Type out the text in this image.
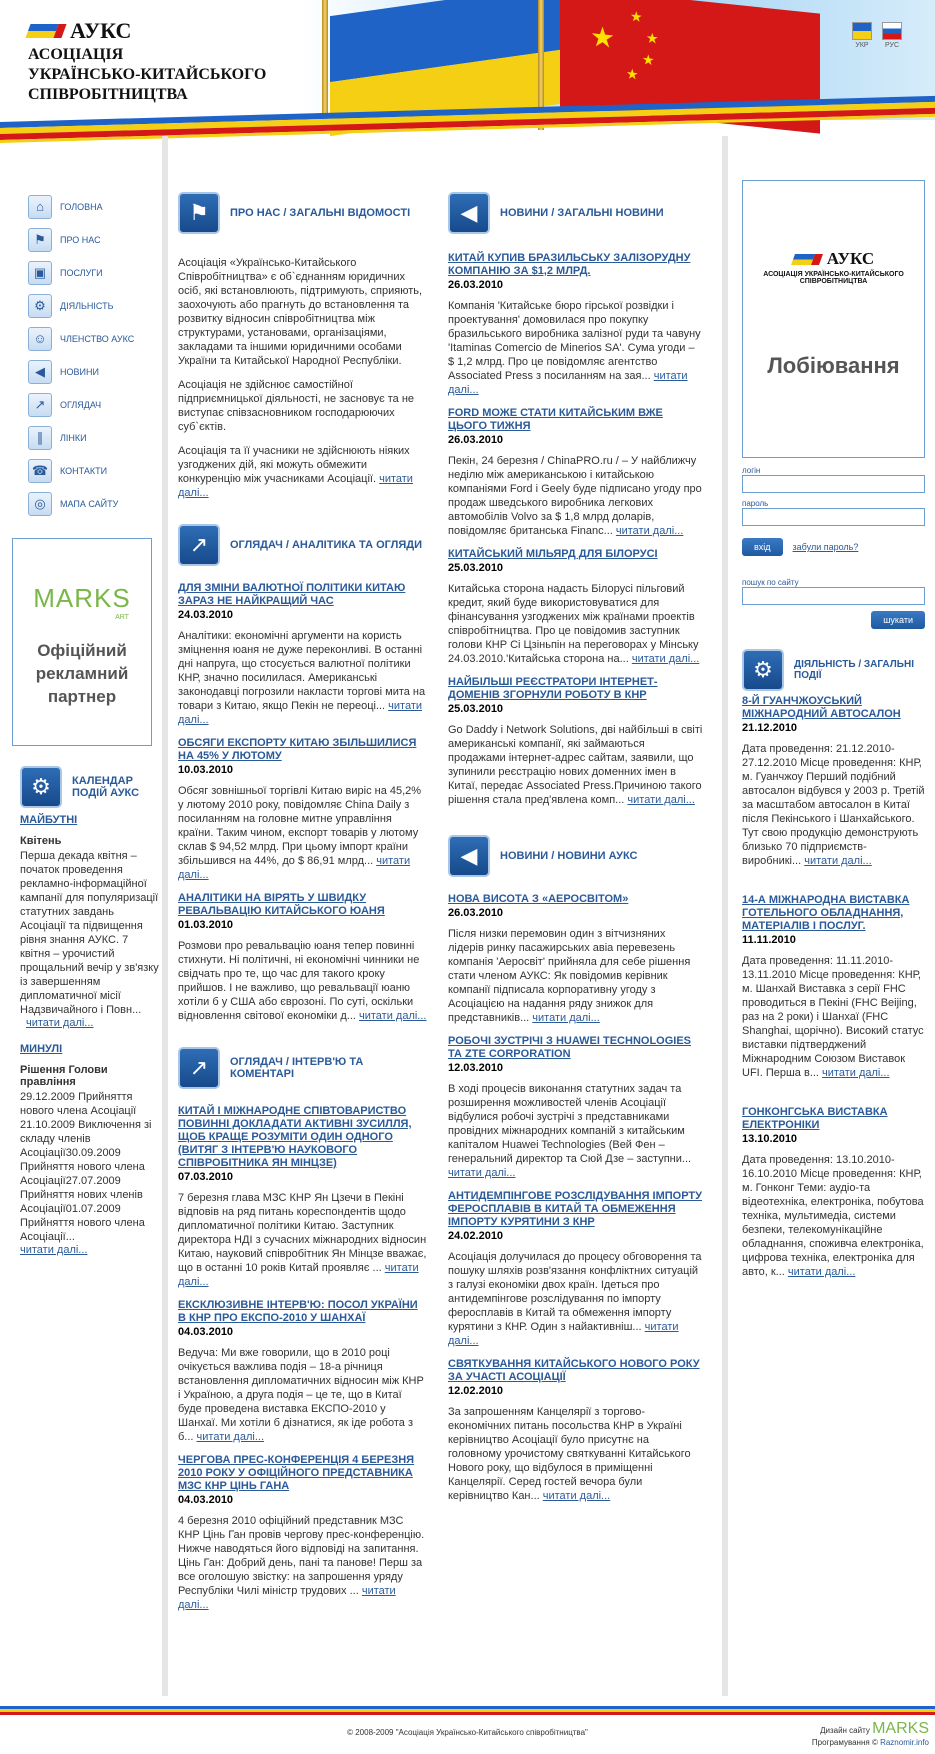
★
★
★
★
★
АУКС
АСОЦІАЦІЯ
УКРАЇНСЬКО-КИТАЙСЬКОГО
СПІВРОБІТНИЦТВА
УКР РУС
⌂	ГОЛОВНА
⚑	ПРО НАС
▣	ПОСЛУГИ
⚙	ДІЯЛЬНІСТЬ
☺	ЧЛЕНСТВО АУКС
◀	НОВИНИ
↗	ОГЛЯДАЧ
∥	ЛІНКИ
☎	КОНТАКТИ
◎	МАПА САЙТУ
MARKS
ART
Офіційний рекламний партнер
⚙	КАЛЕНДАР ПОДІЙ АУКС
МАЙБУТНІ
Квітень
Перша декада квітня – початок проведення рекламно-інформаційної кампанії для популяризації статутних завдань Асоціації та підвищення рівня знання АУКС. 7 квітня – урочистий прощальний вечір у зв'язку із завершенням дипломатичної місії Надзвичайного і Повн...
читати далі...
МИНУЛІ
Рішення Голови правління
29.12.2009 Прийняття нового члена Асоціації 21.10.2009 Виключення зі складу членів Асоціації30.09.2009 Прийняття нового члена Асоціації27.07.2009 Прийняття нових членів Асоціації01.07.2009 Прийняття нового члена Асоціації...
читати далі...
⚑	ПРО НАС / ЗАГАЛЬНІ ВІДОМОСТІ
Асоціація «Українсько-Китайського Співробітництва» є об`єднанням юридичних осіб, які встановлюють, підтримують, сприяють, заохочують або прагнуть до встановлення та розвитку відносин співробітництва між структурами, установами, організаціями, закладами та іншими юридичними особами України та Китайської Народної Республіки.
Асоціація не здійснює самостійної підприємницької діяльності, не засновує та не виступає співзасновником господарюючих суб`єктів.
Асоціація та її учасники не здійснюють ніяких узгоджених дій, які можуть обмежити конкуренцію між учасниками Асоціації. читати далі...
↗	ОГЛЯДАЧ / АНАЛІТИКА ТА ОГЛЯДИ
ДЛЯ ЗМІНИ ВАЛЮТНОЇ ПОЛІТИКИ КИТАЮ ЗАРАЗ НЕ НАЙКРАЩИЙ ЧАС
24.03.2010
Аналітики: економічні аргументи на користь зміцнення юаня не дуже переконливі. В останні дні напруга, що стосується валютної політики КНР, значно посилилася. Американські законодавці погрозили накласти торгові мита на товари з Китаю, якщо Пекін не переоці... читати далі...
ОБСЯГИ ЕКСПОРТУ КИТАЮ ЗБІЛЬШИЛИСЯ НА 45% У ЛЮТОМУ
10.03.2010
Обсяг зовнішньої торгівлі Китаю виріс на 45,2% у лютому 2010 року, повідомляє China Daily з посиланням на головне митне управління країни. Таким чином, експорт товарів у лютому склав $ 94,52 млрд. При цьому імпорт країни збільшився на 44%, до $ 86,91 млрд... читати далі...
АНАЛІТИКИ НА ВІРЯТЬ У ШВИДКУ РЕВАЛЬВАЦІЮ КИТАЙСЬКОГО ЮАНЯ
01.03.2010
Розмови про ревальвацію юаня тепер повинні стихнути. Ні політичні, ні економічні чинники не свідчать про те, що час для такого кроку прийшов. І не важливо, що ревальвації юаню хотіли б у США або єврозоні. По суті, оскільки відновлення світової економіки д... читати далі...
↗	ОГЛЯДАЧ / ІНТЕРВ'Ю ТА КОМЕНТАРІ
КИТАЙ І МІЖНАРОДНЕ СПІВТОВАРИСТВО ПОВИННІ ДОКЛАДАТИ АКТИВНІ ЗУСИЛЛЯ, ЩОБ КРАЩЕ РОЗУМІТИ ОДИН ОДНОГО (ВИТЯГ З ІНТЕРВ'Ю НАУКОВОГО СПІВРОБІТНИКА ЯН МІНЦЗЕ)
07.03.2010
7 березня глава МЗС КНР Ян Цзечи в Пекіні відповів на ряд питань кореспондентів щодо дипломатичної політики Китаю. Заступник директора НДІ з сучасних міжнародних відносин Китаю, науковий співробітник Ян Мінцзе вважає, що в останні 10 років Китай проявляє ... читати далі...
ЕКСКЛЮЗИВНЕ ІНТЕРВ'Ю: ПОСОЛ УКРАЇНИ В КНР ПРО ЕКСПО-2010 У ШАНХАЇ
04.03.2010
Ведуча: Ми вже говорили, що в 2010 році очікується важлива подія – 18-а річниця встановлення дипломатичних відносин між КНР і Україною, а друга подія – це те, що в Китаї буде проведена виставка ЕКСПО-2010 у Шанхаї. Ми хотіли б дізнатися, як іде робота з б... читати далі...
ЧЕРГОВА ПРЕС-КОНФЕРЕНЦІЯ 4 БЕРЕЗНЯ 2010 РОКУ У ОФІЦІЙНОГО ПРЕДСТАВНИКА МЗС КНР ЦІНЬ ГАНА
04.03.2010
4 березня 2010 офіційний представник МЗС КНР Цінь Ган провів чергову прес-конференцію. Нижче наводяться його відповіді на запитання. Цінь Ган: Добрий день, пані та панове! Перш за все оголошую звістку: на запрошення уряду Республіки Чилі міністр трудових ... читати далі...
◀	НОВИНИ / ЗАГАЛЬНІ НОВИНИ
КИТАЙ КУПИВ БРАЗИЛЬСЬКУ ЗАЛІЗОРУДНУ КОМПАНІЮ ЗА $1,2 МЛРД.
26.03.2010
Компанія 'Китайське бюро гірської розвідки і проектування' домовилася про покупку бразильського виробника залізної руди та чавуну 'Itaminas Comercio de Minerios SA'. Сума угоди – $ 1,2 млрд. Про це повідомляє агентство Associated Press з посиланням на зая... читати далі...
FORD МОЖЕ СТАТИ КИТАЙСЬКИМ ВЖЕ ЦЬОГО ТИЖНЯ
26.03.2010
Пекін, 24 березня / ChinaPRO.ru / – У найближчу неділю між американською і китайською компаніями Ford і Geely буде підписано угоду про продаж шведського виробника легкових автомобілів Volvo за $ 1,8 млрд доларів, повідомляє британська Financ... читати далі...
КИТАЙСЬКИЙ МІЛЬЯРД ДЛЯ БІЛОРУСІ
25.03.2010
Китайська сторона надасть Білорусі пільговий кредит, який буде використовуватися для фінансування узгоджених між країнами проектів співробітництва. Про це повідомив заступник голови КНР Сі Цзіньпін на переговорах у Мінську 24.03.2010.'Китайська сторона на... читати далі...
НАЙБІЛЬШІ РЕЄСТРАТОРИ ІНТЕРНЕТ-ДОМЕНІВ ЗГОРНУЛИ РОБОТУ В КНР
25.03.2010
Go Daddy і Network Solutions, дві найбільші в світі американські компанії, які займаються продажами інтернет-адрес сайтам, заявили, що зупинили реєстрацію нових доменних імен в Китаї, передає Associated Press.Причиною такого рішення стала пред'явлена комп... читати далі...
◀	НОВИНИ / НОВИНИ АУКС
НОВА ВИСОТА З «АЕРОСВІТОМ»
26.03.2010
Після низки перемовин один з вітчизняних лідерів ринку пасажирських авіа перевезень компанія 'Аеросвіт' прийняла для себе рішення стати членом АУКС: Як повідомив керівник компанії підписала корпоративну угоду з Асоціацією на надання ряду знижок для представників... читати далі...
РОБОЧІ ЗУСТРІЧІ З HUAWEI TECHNOLOGIES ТА ZTE CORPORATION
12.03.2010
В ході процесів виконання статутних задач та розширення можливостей членів Асоціації відбулися робочі зустрічі з представниками провідних міжнародних компаній з китайським капіталом Huawei Technologies (Вей Фен – генеральний директор та Сюй Дзе – заступни... читати далі...
АНТИДЕМПІНГОВЕ РОЗСЛІДУВАННЯ ІМПОРТУ ФЕРОСПЛАВІВ В КИТАЙ ТА ОБМЕЖЕННЯ ІМПОРТУ КУРЯТИНИ З КНР
24.02.2010
Асоціація долучилася до процесу обговорення та пошуку шляхів розв'язання конфліктних ситуацій з галузі економіки двох країн. Ідеться про антидемпінгове розслідування по імпорту феросплавів в Китай та обмеження імпорту курятини з КНР. Один з найактивніш... читати далі...
СВЯТКУВАННЯ КИТАЙСЬКОГО НОВОГО РОКУ ЗА УЧАСТІ АСОЦІАЦІЇ
12.02.2010
За запрошенням Канцелярії з торгово-економічних питань посольства КНР в Україні керівництво Асоціації було присутнє на головному урочистому святкуванні Китайського Нового року, що відбулося в приміщенні Канцелярії. Серед гостей вечора були керівництво Кан... читати далі...
АУКС
АСОЦІАЦІЯ УКРАЇНСЬКО-КИТАЙСЬКОГО СПІВРОБІТНИЦТВА
Лобіювання
логін
пароль
вхід	забули пароль?
пошук по сайту
шукати
⚙	ДІЯЛЬНІСТЬ / ЗАГАЛЬНІ ПОДІЇ
8-Й ГУАНЧЖОУСЬКИЙ МІЖНАРОДНИЙ АВТОСАЛОН
21.12.2010
Дата проведення: 21.12.2010-27.12.2010 Місце проведення: КНР, м. Гуанчжоу Перший подібний автосалон відбувся у 2003 р. Третій за масштабом автосалон в Китаї після Пекінського і Шанхайського. Тут свою продукцію демонструють близько 70 підприємств-виробникі... читати далі...
14-А МІЖНАРОДНА ВИСТАВКА ГОТЕЛЬНОГО ОБЛАДНАННЯ, МАТЕРІАЛІВ І ПОСЛУГ.
11.11.2010
Дата проведення: 11.11.2010-13.11.2010 Місце проведення: КНР, м. Шанхай Виставка з серії FHC проводиться в Пекіні (FHC Beijing, раз на 2 роки) і Шанхаї (FHC Shanghai, щорічно). Високий статус виставки підтверджений Міжнародним Союзом Виставок UFI. Перша в... читати далі...
ГОНКОНГСЬКА ВИСТАВКА ЕЛЕКТРОНІКИ
13.10.2010
Дата проведення: 13.10.2010-16.10.2010 Місце проведення: КНР, м. Гонконг Теми: аудіо-та відеотехніка, електроніка, побутова техніка, мультимедіа, системи безпеки, телекомунікаційне обладнання, споживча електроніка, цифрова техніка, електроніка для авто, к... читати далі...
© 2008-2009 "Асоціація Українсько-Китайського співробітництва"	Дизайн сайту MARKS
Програмування © Raznomir.info
